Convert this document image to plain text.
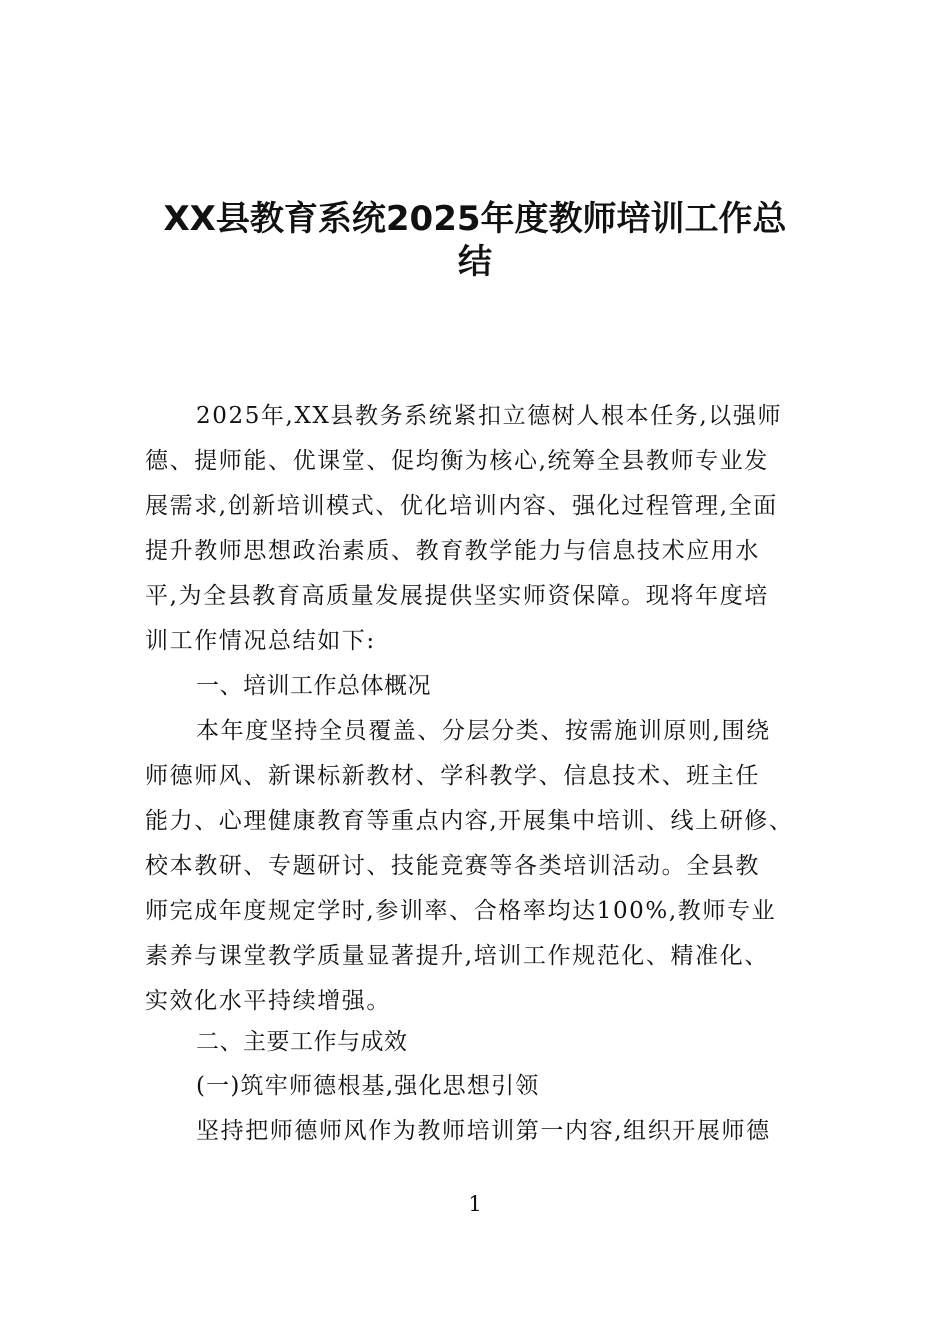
XX县教育系统2025年度教师培训工作总
结
2025年,XX县教务系统紧扣立德树人根本任务,以强师
德、提师能、优课堂、促均衡为核心,统筹全县教师专业发
展需求,创新培训模式、优化培训内容、强化过程管理,全面
提升教师思想政治素质、教育教学能力与信息技术应用水
平,为全县教育高质量发展提供坚实师资保障。现将年度培
训工作情况总结如下:
一、培训工作总体概况
本年度坚持全员覆盖、分层分类、按需施训原则,围绕
师德师风、新课标新教材、学科教学、信息技术、班主任
能力、心理健康教育等重点内容,开展集中培训、线上研修、
校本教研、专题研讨、技能竞赛等各类培训活动。全县教
师完成年度规定学时,参训率、合格率均达100%,教师专业
素养与课堂教学质量显著提升,培训工作规范化、精准化、
实效化水平持续增强。
二、主要工作与成效
(一)筑牢师德根基,强化思想引领
坚持把师德师风作为教师培训第一内容,组织开展师德
1
